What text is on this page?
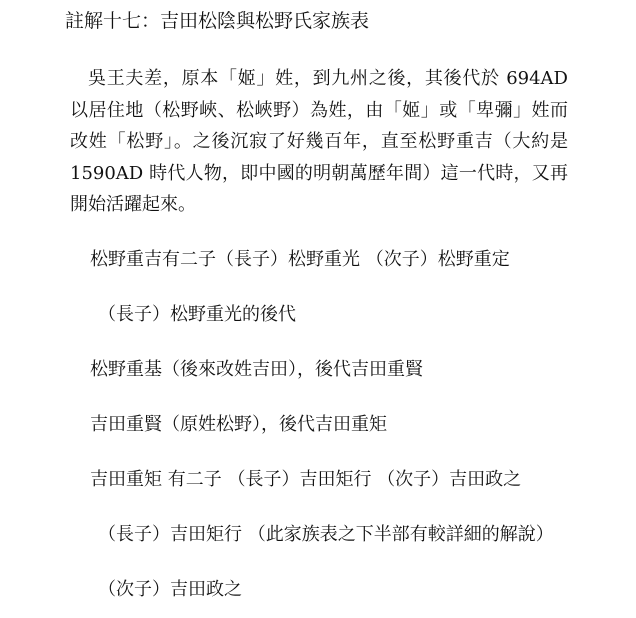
註解十七：吉田松陰與松野氏家族表

吳王夫差，原本「姬」姓，到九州之後，其後代於 694AD 以居住地（松野峽、松峽野）為姓，由「姬」或「卑彌」姓而改姓「松野」。之後沉寂了好幾百年，直至松野重吉（大約是 1590AD 時代人物，即中國的明朝萬歷年間）這一代時，又再開始活躍起來。

松野重吉有二子（長子）松野重光 （次子）松野重定
（長子）松野重光的後代
松野重基（後來改姓吉田），後代吉田重賢
吉田重賢（原姓松野），後代吉田重矩
吉田重矩 有二子 （長子）吉田矩行 （次子）吉田政之
（長子）吉田矩行 （此家族表之下半部有較詳細的解說）
（次子）吉田政之
